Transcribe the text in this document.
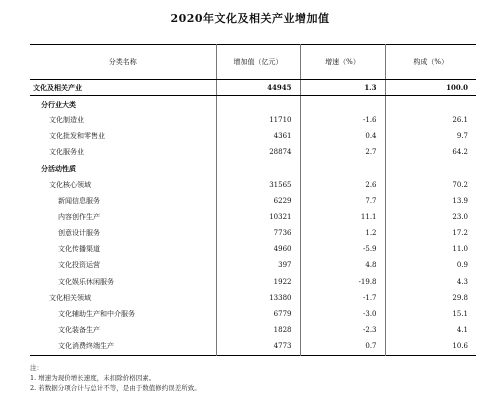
2020年文化及相关产业增加值
分类名称	增加值（亿元）	增速（%）	构成（%）
文化及相关产业	44945	1.3	100.0
分行业大类			
文化制造业	11710	-1.6	26.1
文化批发和零售业	4361	0.4	9.7
文化服务业	28874	2.7	64.2
分活动性质			
文化核心领域	31565	2.6	70.2
新闻信息服务	6229	7.7	13.9
内容创作生产	10321	11.1	23.0
创意设计服务	7736	1.2	17.2
文化传播渠道	4960	-5.9	11.0
文化投资运营	397	4.8	0.9
文化娱乐休闲服务	1922	-19.8	4.3
文化相关领域	13380	-1.7	29.8
文化辅助生产和中介服务	6779	-3.0	15.1
文化装备生产	1828	-2.3	4.1
文化消费终端生产	4773	0.7	10.6
注：
1. 增速为现价增长速度，未扣除价格因素。
2. 若数据分项合计与总计不等，是由于数值修约误差所致。
